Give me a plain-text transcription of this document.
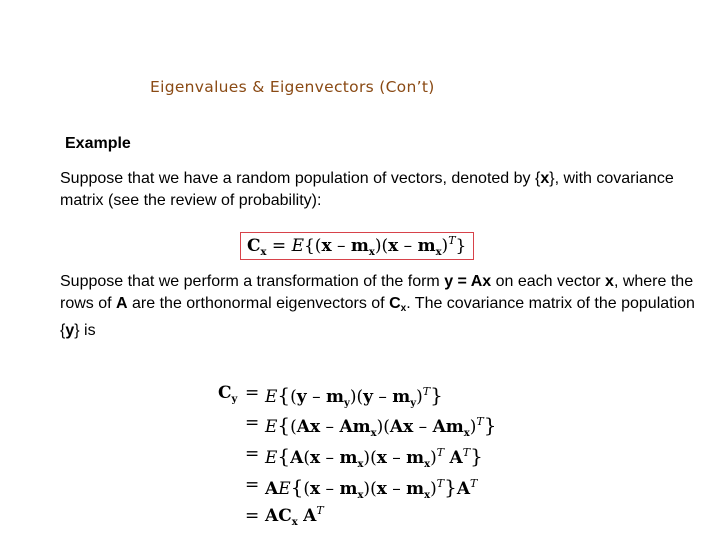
Eigenvalues & Eigenvectors (Con’t)
Example

Suppose that we have a random population of vectors, denoted by {x}, with covariance matrix (see the review of probability):

$C_x = E\{(x - m_x)(x - m_x)^T\}$

Suppose that we perform a transformation of the form y = Ax on each vector x, where the rows of A are the orthonormal eigenvectors of $C_x$. The covariance matrix of the population {y} is

$C_y = E\{(y - m_y)(y - m_y)^T\}$
= $E\{(Ax - Am_x)(Ax - Am_x)^T\}$
= $E\{A(x - m_x)(x - m_x)^T$ $A^T$}
= $AE\{(x - m_x)(x - m_x)^T\}A^T$
= $AC_x$ $A^T$
